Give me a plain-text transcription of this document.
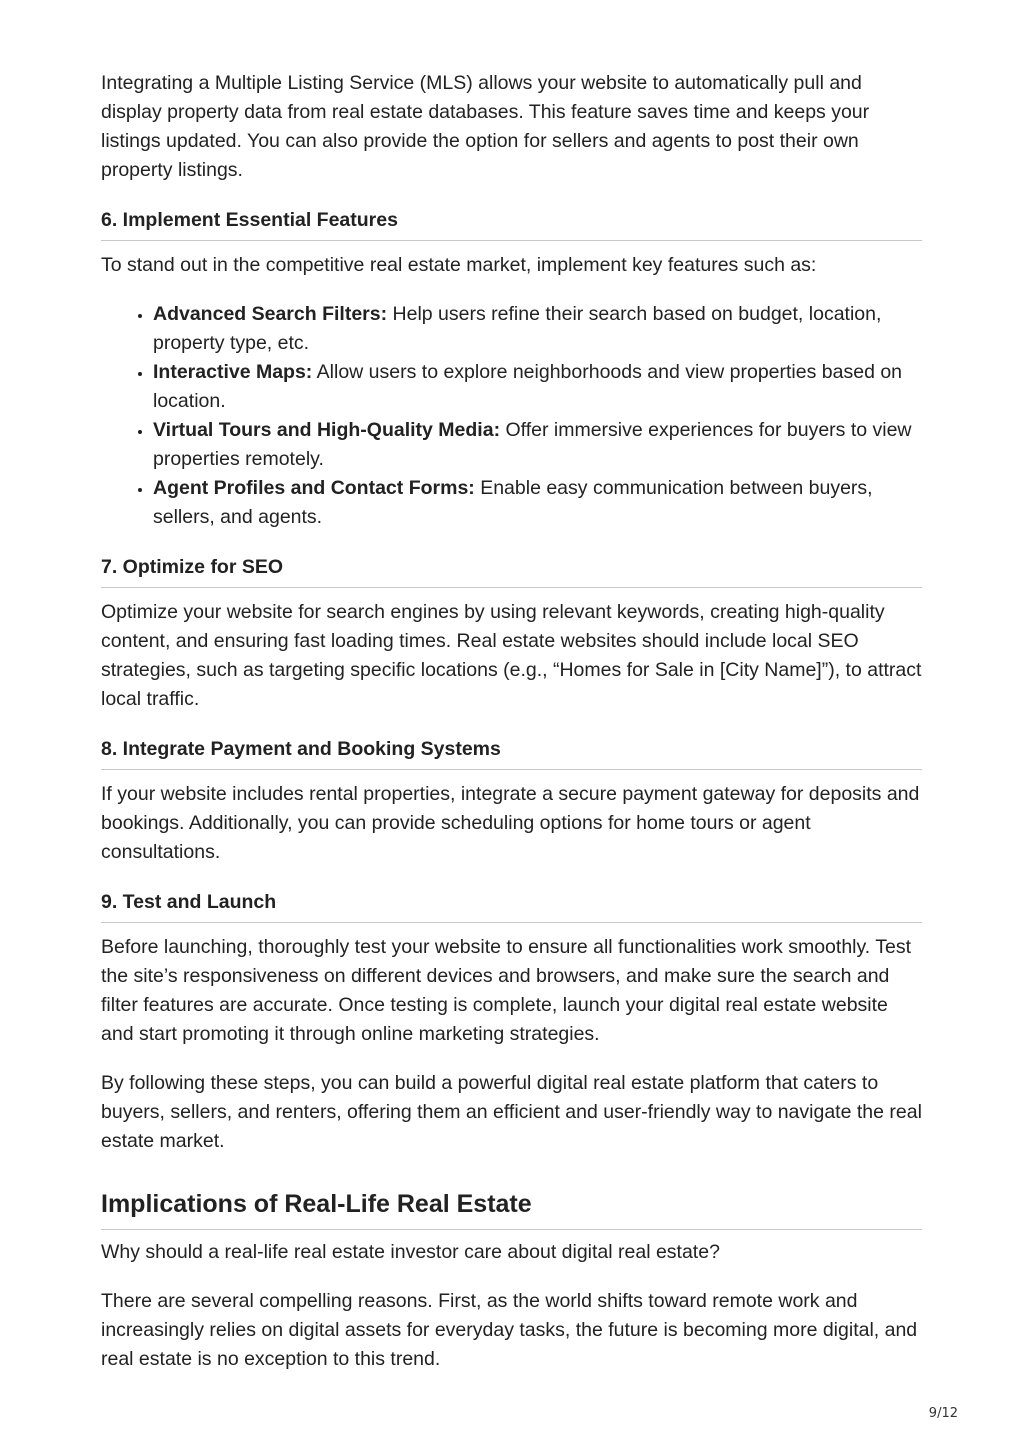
Integrating a Multiple Listing Service (MLS) allows your website to automatically pull and display property data from real estate databases. This feature saves time and keeps your listings updated. You can also provide the option for sellers and agents to post their own property listings.

6. Implement Essential Features

To stand out in the competitive real estate market, implement key features such as:

• Advanced Search Filters: Help users refine their search based on budget, location, property type, etc.
• Interactive Maps: Allow users to explore neighborhoods and view properties based on location.
• Virtual Tours and High-Quality Media: Offer immersive experiences for buyers to view properties remotely.
• Agent Profiles and Contact Forms: Enable easy communication between buyers, sellers, and agents.
7. Optimize for SEO

Optimize your website for search engines by using relevant keywords, creating high-quality content, and ensuring fast loading times. Real estate websites should include local SEO strategies, such as targeting specific locations (e.g., “Homes for Sale in [City Name]”), to attract local traffic.

8. Integrate Payment and Booking Systems

If your website includes rental properties, integrate a secure payment gateway for deposits and bookings. Additionally, you can provide scheduling options for home tours or agent consultations.

9. Test and Launch

Before launching, thoroughly test your website to ensure all functionalities work smoothly. Test the site’s responsiveness on different devices and browsers, and make sure the search and filter features are accurate. Once testing is complete, launch your digital real estate website and start promoting it through online marketing strategies.

By following these steps, you can build a powerful digital real estate platform that caters to buyers, sellers, and renters, offering them an efficient and user-friendly way to navigate the real estate market.

Implications of Real-Life Real Estate

Why should a real-life real estate investor care about digital real estate?

There are several compelling reasons. First, as the world shifts toward remote work and increasingly relies on digital assets for everyday tasks, the future is becoming more digital, and real estate is no exception to this trend.

9/12
